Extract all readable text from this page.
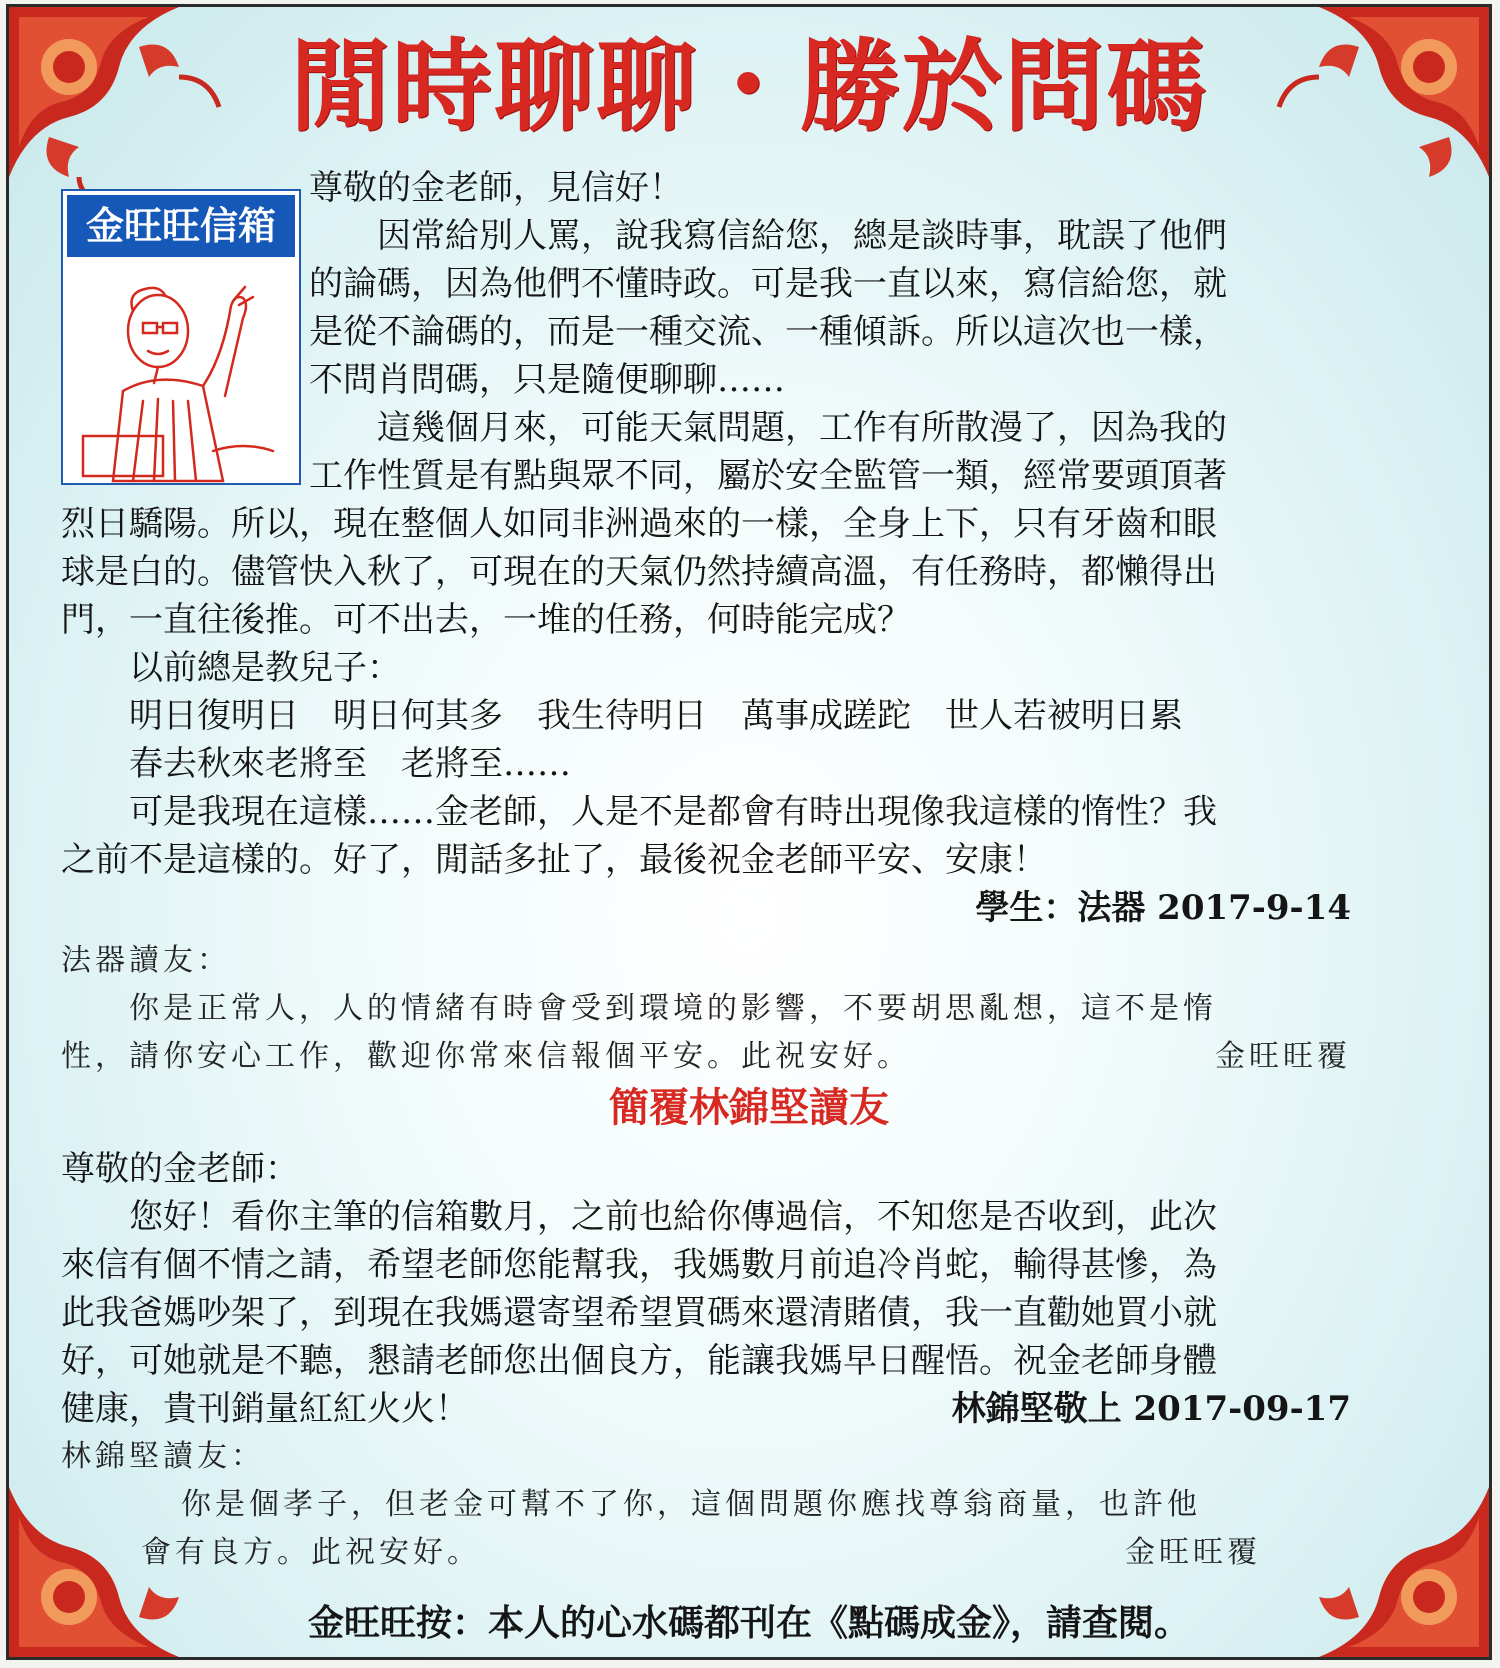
閒時聊聊・勝於問碼
金旺旺信箱
尊敬的金老師，見信好！
　　因常給別人罵，說我寫信給您，總是談時事，耽誤了他們
的論碼，因為他們不懂時政。可是我一直以來，寫信給您，就
是從不論碼的，而是一種交流、一種傾訴。所以這次也一樣，
不問肖問碼，只是隨便聊聊……
　　這幾個月來，可能天氣問題，工作有所散漫了，因為我的
工作性質是有點與眾不同，屬於安全監管一類，經常要頭頂著
烈日驕陽。所以，現在整個人如同非洲過來的一樣，全身上下，只有牙齒和眼
球是白的。儘管快入秋了，可現在的天氣仍然持續高溫，有任務時，都懶得出
門，一直往後推。可不出去，一堆的任務，何時能完成？
　　以前總是教兒子：
　　明日復明日　明日何其多　我生待明日　萬事成蹉跎　世人若被明日累
　　春去秋來老將至　老將至……
　　可是我現在這樣……金老師，人是不是都會有時出現像我這樣的惰性？我
之前不是這樣的。好了，閒話多扯了，最後祝金老師平安、安康！
學生：法器 2017-9-14
法器讀友：
　　你是正常人，人的情緒有時會受到環境的影響，不要胡思亂想，這不是惰
性，請你安心工作，歡迎你常來信報個平安。此祝安好。	金旺旺覆
簡覆林錦堅讀友
尊敬的金老師：
　　您好！看你主筆的信箱數月，之前也給你傳過信，不知您是否收到，此次
來信有個不情之請，希望老師您能幫我，我媽數月前追冷肖蛇，輸得甚慘，為
此我爸媽吵架了，到現在我媽還寄望希望買碼來還清賭債，我一直勸她買小就
好，可她就是不聽，懇請老師您出個良方，能讓我媽早日醒悟。祝金老師身體
健康，貴刊銷量紅紅火火！	林錦堅敬上 2017-09-17
林錦堅讀友：
你是個孝子，但老金可幫不了你，這個問題你應找尊翁商量，也許他
會有良方。此祝安好。	金旺旺覆
金旺旺按：本人的心水碼都刊在《點碼成金》，請查閱。
